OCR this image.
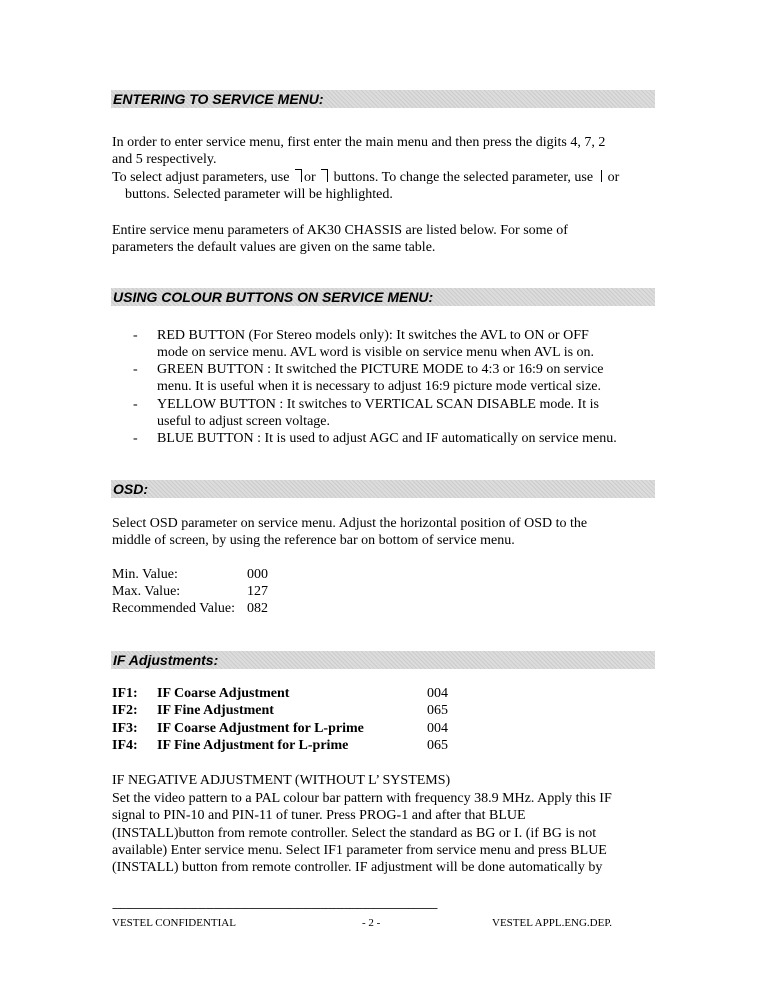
ENTERING TO SERVICE MENU:
In order to enter service menu, first enter the main menu and then press the digits 4, 7, 2
and 5 respectively.
To select adjust parameters, use or buttons. To change the selected parameter, use or
buttons. Selected parameter will be highlighted.
Entire service menu parameters of AK30 CHASSIS are listed below. For some of
parameters the default values are given on the same table.
USING COLOUR BUTTONS ON SERVICE MENU:
- RED BUTTON (For Stereo models only): It switches the AVL to ON or OFF
mode on service menu. AVL word is visible on service menu when AVL is on.
- GREEN BUTTON : It switched the PICTURE MODE to 4:3 or 16:9 on service
menu. It is useful when it is necessary to adjust 16:9 picture mode vertical size.
- YELLOW BUTTON : It switches to VERTICAL SCAN DISABLE mode. It is
useful to adjust screen voltage.
- BLUE BUTTON : It is used to adjust AGC and IF automatically on service menu.
OSD:
Select OSD parameter on service menu. Adjust the horizontal position of OSD to the
middle of screen, by using the reference bar on bottom of service menu.
Min. Value:	000
Max. Value:	127
Recommended Value: 082
IF Adjustments:
IF1: IF Coarse Adjustment	004
IF2: IF Fine Adjustment	065
IF3: IF Coarse Adjustment for L-prime	004
IF4: IF Fine Adjustment for L-prime	065
IF NEGATIVE ADJUSTMENT (WITHOUT L’ SYSTEMS)
Set the video pattern to a PAL colour bar pattern with frequency 38.9 MHz. Apply this IF
signal to PIN-10 and PIN-11 of tuner. Press PROG-1 and after that BLUE
(INSTALL)button from remote controller. Select the standard as BG or I. (if BG is not
available) Enter service menu. Select IF1 parameter from service menu and press BLUE
(INSTALL) button from remote controller. IF adjustment will be done automatically by
--------------------------------------------------------------------------------------------------------------------------
VESTEL CONFIDENTIAL	- 2 -	VESTEL APPL.ENG.DEP.
